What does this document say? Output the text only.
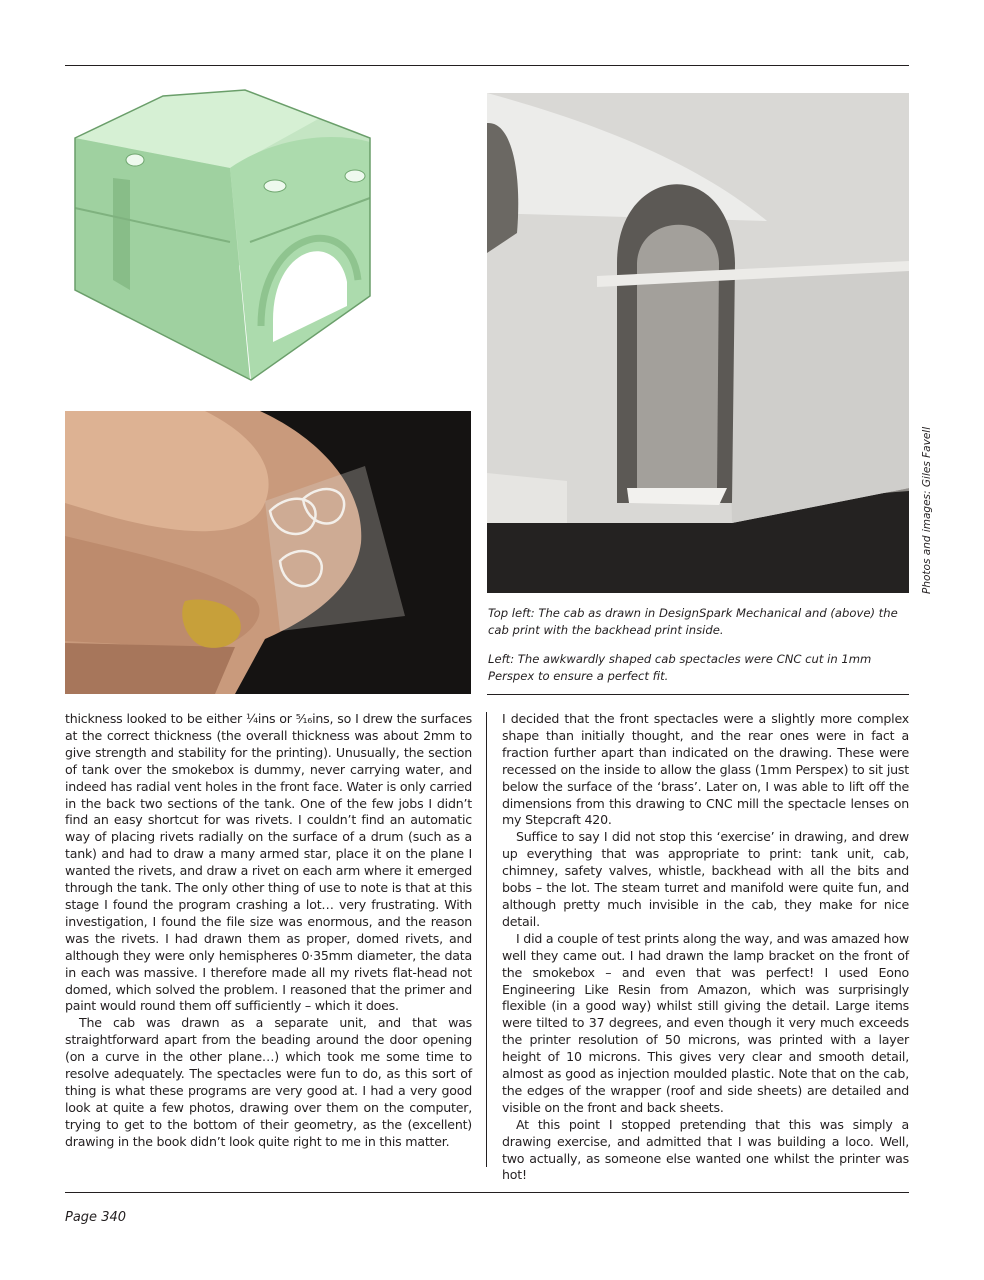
Photos and images: Giles Favell

Top left: The cab as drawn in DesignSpark Mechanical and (above) the cab print with the backhead print inside.

Left: The awkwardly shaped cab spectacles were CNC cut in 1mm Perspex to ensure a perfect fit.

thickness looked to be either ¼ins or ⁵⁄₁₆ins, so I drew the surfaces at the correct thickness (the overall thickness was about 2mm to give strength and stability for the printing). Unusually, the section of tank over the smokebox is dummy, never carrying water, and indeed has radial vent holes in the front face. Water is only carried in the back two sections of the tank. One of the few jobs I didn’t find an easy shortcut for was rivets. I couldn’t find an automatic way of placing rivets radially on the surface of a drum (such as a tank) and had to draw a many armed star, place it on the plane I wanted the rivets, and draw a rivet on each arm where it emerged through the tank. The only other thing of use to note is that at this stage I found the program crashing a lot… very frustrating. With investigation, I found the file size was enormous, and the reason was the rivets. I had drawn them as proper, domed rivets, and although they were only hemispheres 0·35mm diameter, the data in each was massive. I therefore made all my rivets flat-head not domed, which solved the problem. I reasoned that the primer and paint would round them off sufficiently – which it does.

The cab was drawn as a separate unit, and that was straightforward apart from the beading around the door opening (on a curve in the other plane…) which took me some time to resolve adequately. The spectacles were fun to do, as this sort of thing is what these programs are very good at. I had a very good look at quite a few photos, drawing over them on the computer, trying to get to the bottom of their geometry, as the (excellent) drawing in the book didn’t look quite right to me in this matter.

I decided that the front spectacles were a slightly more complex shape than initially thought, and the rear ones were in fact a fraction further apart than indicated on the drawing. These were recessed on the inside to allow the glass (1mm Perspex) to sit just below the surface of the ‘brass’. Later on, I was able to lift off the dimensions from this drawing to CNC mill the spectacle lenses on my Stepcraft 420.

Suffice to say I did not stop this ‘exercise’ in drawing, and drew up everything that was appropriate to print: tank unit, cab, chimney, safety valves, whistle, backhead with all the bits and bobs – the lot. The steam turret and manifold were quite fun, and although pretty much invisible in the cab, they make for nice detail.

I did a couple of test prints along the way, and was amazed how well they came out. I had drawn the lamp bracket on the front of the smokebox – and even that was perfect! I used Eono Engineering Like Resin from Amazon, which was surprisingly flexible (in a good way) whilst still giving the detail. Large items were tilted to 37 degrees, and even though it very much exceeds the printer resolution of 50 microns, was printed with a layer height of 10 microns. This gives very clear and smooth detail, almost as good as injection moulded plastic. Note that on the cab, the edges of the wrapper (roof and side sheets) are detailed and visible on the front and back sheets.

At this point I stopped pretending that this was simply a drawing exercise, and admitted that I was building a loco. Well, two actually, as someone else wanted one whilst the printer was hot!

Page 340
